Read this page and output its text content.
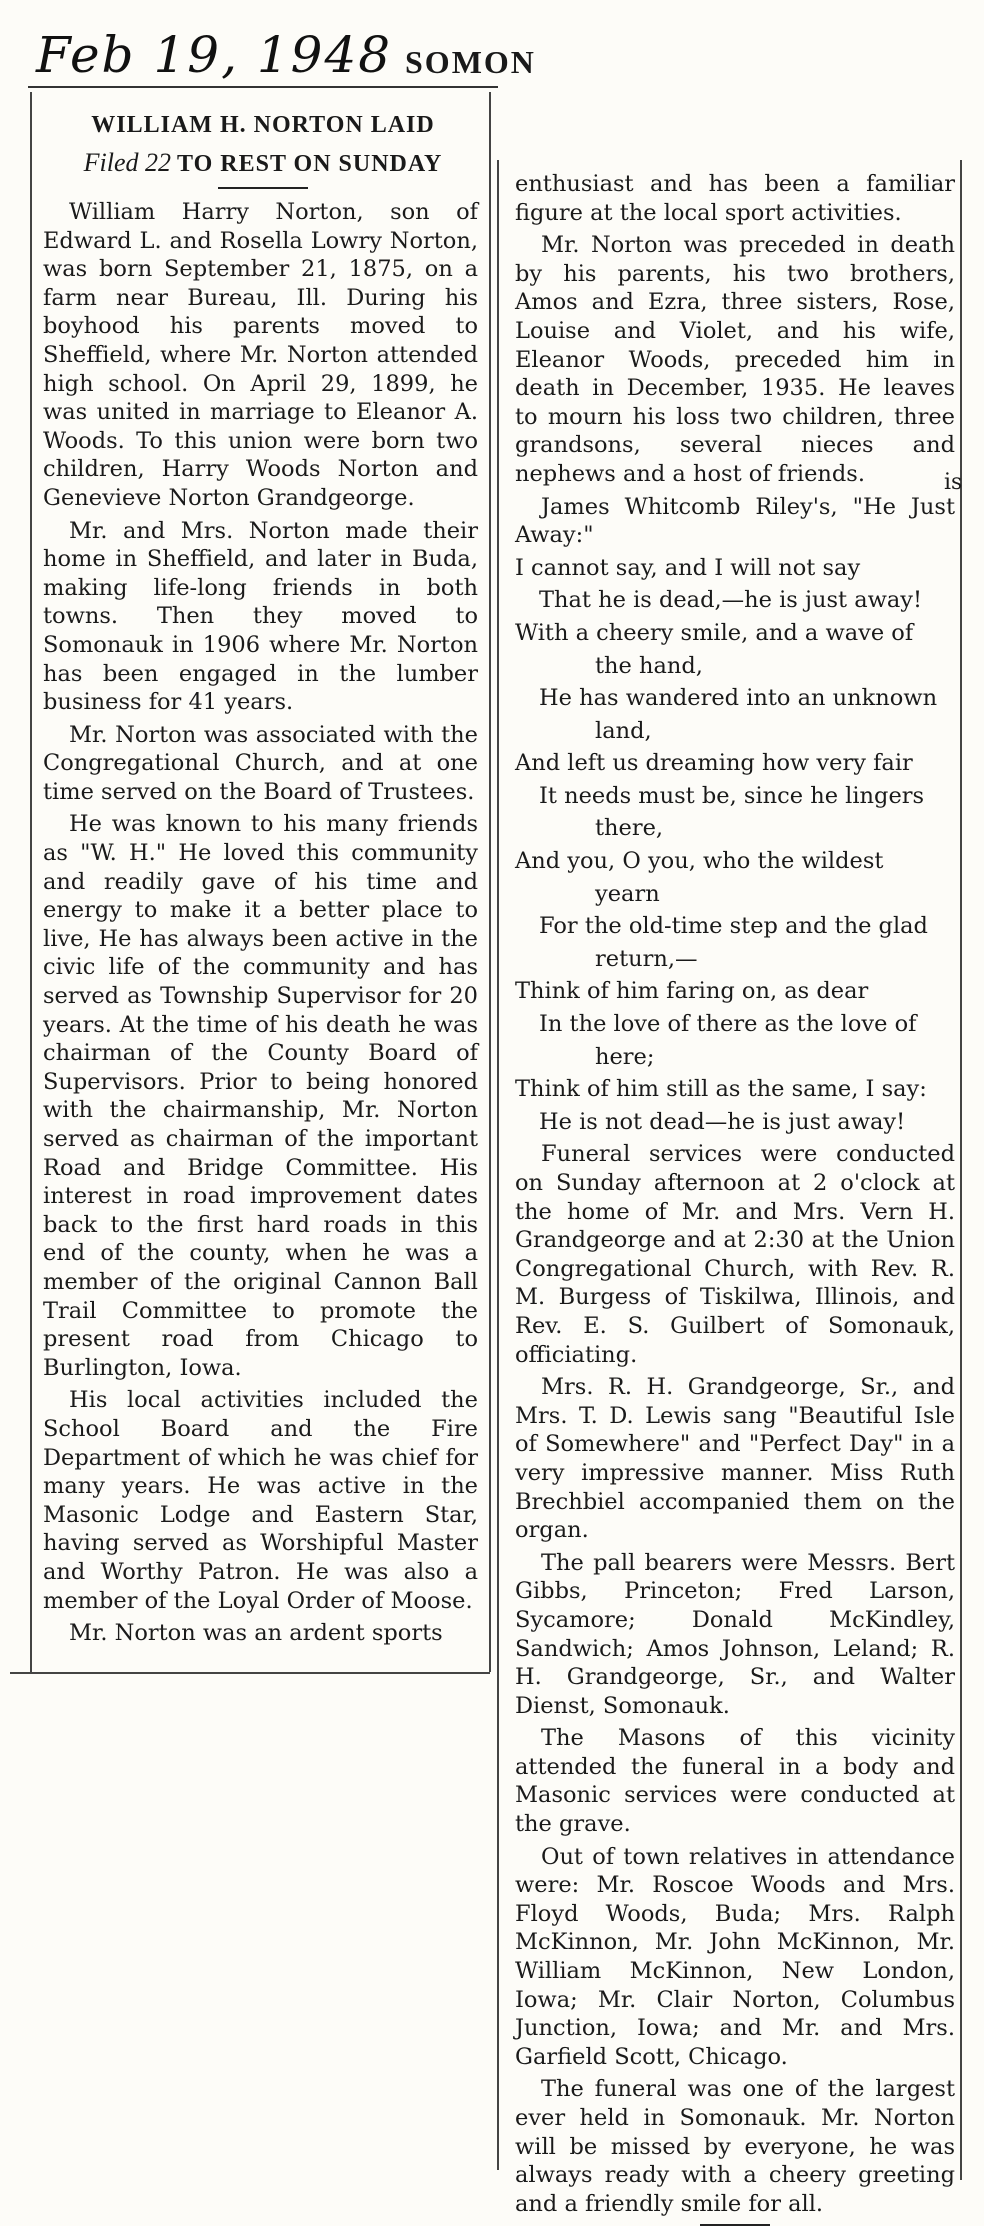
Feb 19, 1948 SOMON
WILLIAM H. NORTON LAID
Filed 22 TO REST ON SUNDAY

William Harry Norton, son of Edward L. and Rosella Lowry Norton, was born September 21, 1875, on a farm near Bureau, Ill. During his boyhood his parents moved to Sheffield, where Mr. Norton attended high school. On April 29, 1899, he was united in marriage to Eleanor A. Woods. To this union were born two children, Harry Woods Norton and Genevieve Norton Grandgeorge.

Mr. and Mrs. Norton made their home in Sheffield, and later in Buda, making life-long friends in both towns. Then they moved to Somonauk in 1906 where Mr. Norton has been engaged in the lumber business for 41 years.

Mr. Norton was associated with the Congregational Church, and at one time served on the Board of Trustees.

He was known to his many friends as "W. H." He loved this community and readily gave of his time and energy to make it a better place to live, He has always been active in the civic life of the community and has served as Township Supervisor for 20 years. At the time of his death he was chairman of the County Board of Supervisors. Prior to being honored with the chairmanship, Mr. Norton served as chairman of the important Road and Bridge Committee. His interest in road improvement dates back to the first hard roads in this end of the county, when he was a member of the original Cannon Ball Trail Committee to promote the present road from Chicago to Burlington, Iowa.

His local activities included the School Board and the Fire Department of which he was chief for many years. He was active in the Masonic Lodge and Eastern Star, having served as Worshipful Master and Worthy Patron. He was also a member of the Loyal Order of Moose.

Mr. Norton was an ardent sports

is

enthusiast and has been a familiar figure at the local sport activities.

Mr. Norton was preceded in death by his parents, his two brothers, Amos and Ezra, three sisters, Rose, Louise and Violet, and his wife, Eleanor Woods, preceded him in death in December, 1935. He leaves to mourn his loss two children, three grandsons, several nieces and nephews and a host of friends.

James Whitcomb Riley's, "He Just Away:"

I cannot say, and I will not say

That he is dead,—he is just away!

With a cheery smile, and a wave of

the hand,

He has wandered into an unknown

land,

And left us dreaming how very fair

It needs must be, since he lingers

there,

And you, O you, who the wildest

yearn

For the old-time step and the glad

return,—

Think of him faring on, as dear

In the love of there as the love of

here;

Think of him still as the same, I say:

He is not dead—he is just away!

Funeral services were conducted on Sunday afternoon at 2 o'clock at the home of Mr. and Mrs. Vern H. Grandgeorge and at 2:30 at the Union Congregational Church, with Rev. R. M. Burgess of Tiskilwa, Illinois, and Rev. E. S. Guilbert of Somonauk, officiating.

Mrs. R. H. Grandgeorge, Sr., and Mrs. T. D. Lewis sang "Beautiful Isle of Somewhere" and "Perfect Day" in a very impressive manner. Miss Ruth Brechbiel accompanied them on the organ.

The pall bearers were Messrs. Bert Gibbs, Princeton; Fred Larson, Sycamore; Donald McKindley, Sandwich; Amos Johnson, Leland; R. H. Grandgeorge, Sr., and Walter Dienst, Somonauk.

The Masons of this vicinity attended the funeral in a body and Masonic services were conducted at the grave.

Out of town relatives in attendance were: Mr. Roscoe Woods and Mrs. Floyd Woods, Buda; Mrs. Ralph McKinnon, Mr. John McKinnon, Mr. William McKinnon, New London, Iowa; Mr. Clair Norton, Columbus Junction, Iowa; and Mr. and Mrs. Garfield Scott, Chicago.

The funeral was one of the largest ever held in Somonauk. Mr. Norton will be missed by everyone, he was always ready with a cheery greeting and a friendly smile for all.
